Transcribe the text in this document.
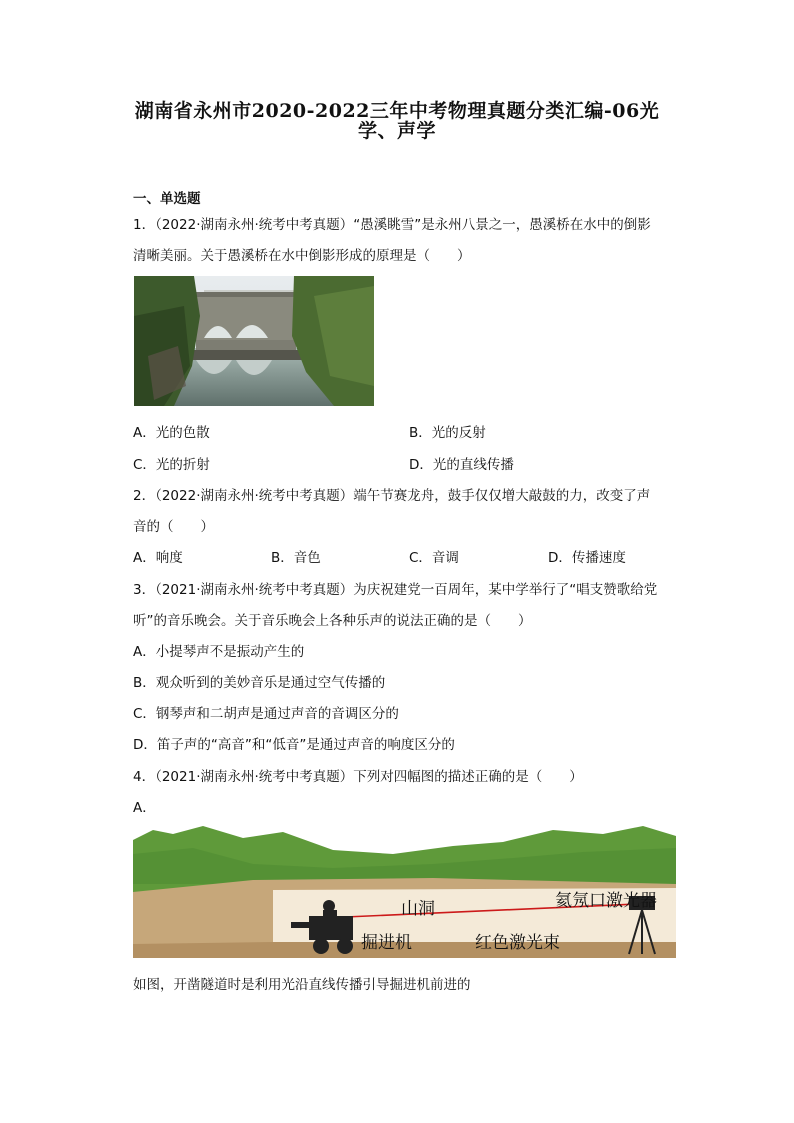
湖南省永州市2020-2022三年中考物理真题分类汇编-06光
学、声学
一、单选题
1．（2022·湖南永州·统考中考真题）“愚溪眺雪”是永州八景之一，愚溪桥在水中的倒影
清晰美丽。关于愚溪桥在水中倒影形成的原理是（　　）
A．光的色散	B．光的反射
C．光的折射	D．光的直线传播
2．（2022·湖南永州·统考中考真题）端午节赛龙舟，鼓手仅仅增大敲鼓的力，改变了声
音的（　　）
A．响度	B．音色	C．音调	D．传播速度
3．（2021·湖南永州·统考中考真题）为庆祝建党一百周年，某中学举行了“唱支赞歌给党
听”的音乐晚会。关于音乐晚会上各种乐声的说法正确的是（　　）
A．小提琴声不是振动产生的
B．观众听到的美妙音乐是通过空气传播的
C．钢琴声和二胡声是通过声音的音调区分的
D．笛子声的“高音”和“低音”是通过声音的响度区分的
4．（2021·湖南永州·统考中考真题）下列对四幅图的描述正确的是（　　）
A．
山洞	氦氖口激光器
掘进机	红色激光束
如图，开凿隧道时是利用光沿直线传播引导掘进机前进的
